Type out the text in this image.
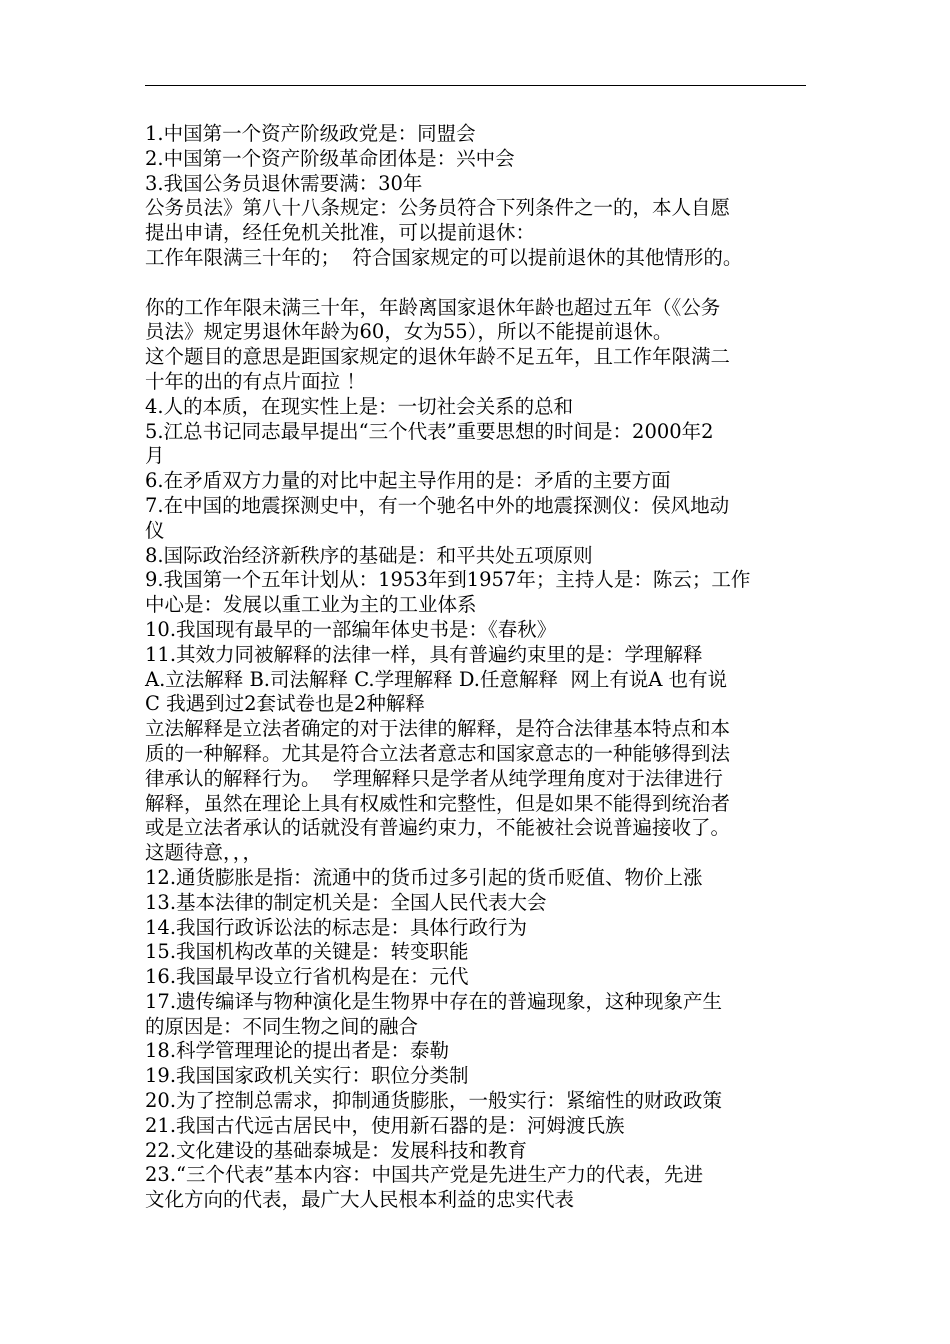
1.中国第一个资产阶级政党是：同盟会
2.中国第一个资产阶级革命团体是：兴中会
3.我国公务员退休需要满：30年
公务员法》第八十八条规定：公务员符合下列条件之一的，本人自愿
提出申请，经任免机关批准，可以提前退休：
工作年限满三十年的；  符合国家规定的可以提前退休的其他情形的。
你的工作年限未满三十年，年龄离国家退休年龄也超过五年（《公务
员法》规定男退休年龄为60，女为55），所以不能提前退休。
这个题目的意思是距国家规定的退休年龄不足五年，且工作年限满二
十年的出的有点片面拉 ！
4.人的本质，在现实性上是：一切社会关系的总和
5.江总书记同志最早提出“三个代表”重要思想的时间是：2000年2
月
6.在矛盾双方力量的对比中起主导作用的是：矛盾的主要方面
7.在中国的地震探测史中，有一个驰名中外的地震探测仪：侯风地动
仪
8.国际政治经济新秩序的基础是：和平共处五项原则
9.我国第一个五年计划从：1953年到1957年；主持人是：陈云；工作
中心是：发展以重工业为主的工业体系
10.我国现有最早的一部编年体史书是：《春秋》
11.其效力同被解释的法律一样，具有普遍约束里的是：学理解释
A.立法解释 B.司法解释 C.学理解释 D.任意解释  网上有说A 也有说
C 我遇到过2套试卷也是2种解释
立法解释是立法者确定的对于法律的解释，是符合法律基本特点和本
质的一种解释。尤其是符合立法者意志和国家意志的一种能够得到法
律承认的解释行为。  学理解释只是学者从纯学理角度对于法律进行
解释，虽然在理论上具有权威性和完整性，但是如果不能得到统治者
或是立法者承认的话就没有普遍约束力，不能被社会说普遍接收了。
这题待意，，，
12.通货膨胀是指：流通中的货币过多引起的货币贬值、物价上涨
13.基本法律的制定机关是：全国人民代表大会
14.我国行政诉讼法的标志是：具体行政行为
15.我国机构改革的关键是：转变职能
16.我国最早设立行省机构是在：元代
17.遗传编译与物种演化是生物界中存在的普遍现象，这种现象产生
的原因是：不同生物之间的融合
18.科学管理理论的提出者是：泰勒
19.我国国家政机关实行：职位分类制
20.为了控制总需求，抑制通货膨胀，一般实行：紧缩性的财政政策
21.我国古代远古居民中，使用新石器的是：河姆渡氏族
22.文化建设的基础泰城是：发展科技和教育
23.“三个代表”基本内容：中国共产党是先进生产力的代表，先进
文化方向的代表，最广大人民根本利益的忠实代表
